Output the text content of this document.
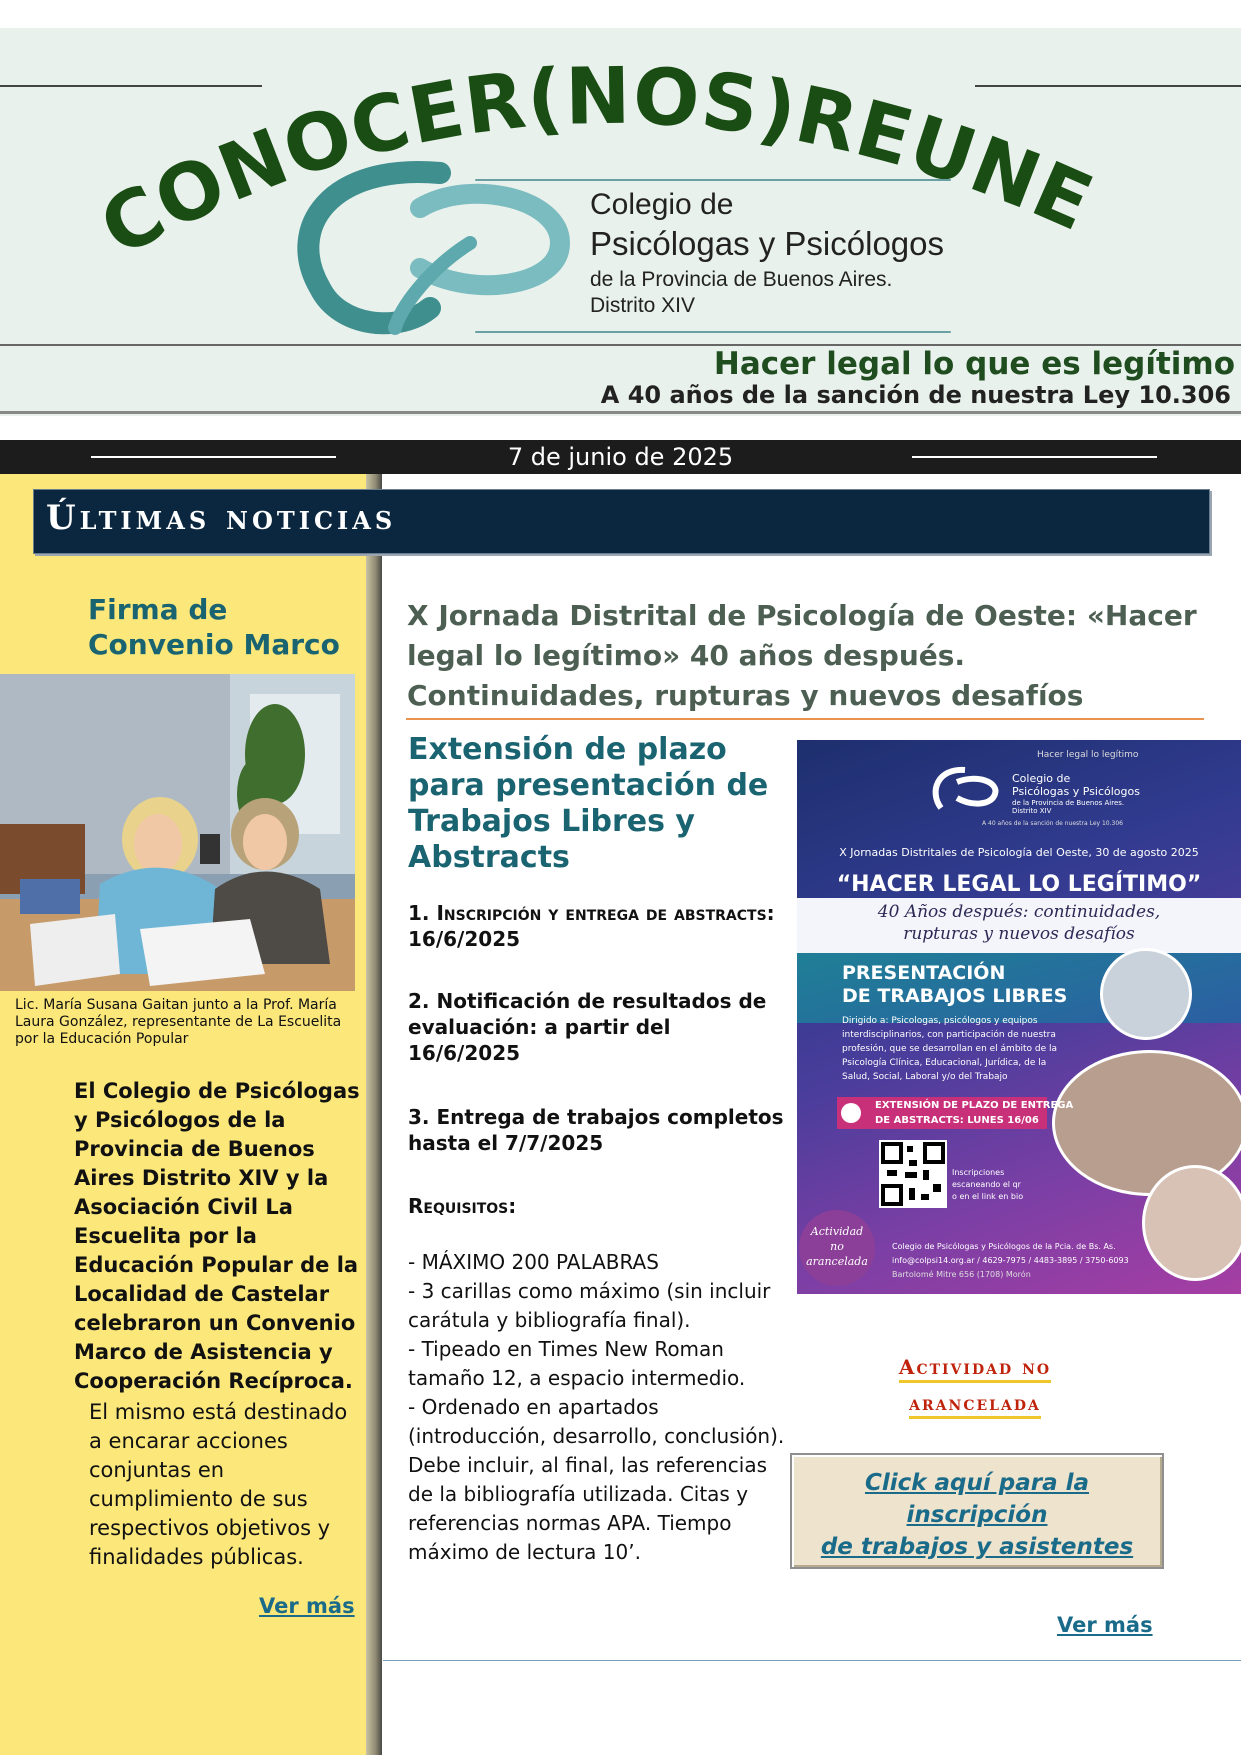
CONOCER(NOS)REUNE
Colegio de
Psicólogas y Psicólogos
de la Provincia de Buenos Aires.
Distrito XIV
Hacer legal lo que es legítimo
A 40 años de la sanción de nuestra Ley 10.306
7 de junio de 2025
Últimas noticias
Firma de Convenio Marco
Lic. María Susana Gaitan junto a la Prof. María Laura González, representante de La Escuelita por la Educación Popular
El Colegio de Psicólogas y Psicólogos de la Provincia de Buenos Aires Distrito XIV y la Asociación Civil La Escuelita por la Educación Popular de la Localidad de Castelar celebraron un Convenio Marco de Asistencia y Cooperación Recíproca.
El mismo está destinado a encarar acciones conjuntas en cumplimiento de sus respectivos objetivos y finalidades públicas.
Ver más
X Jornada Distrital de Psicología de Oeste: «Hacer legal lo legítimo» 40 años después. Continuidades, rupturas y nuevos desafíos
Extensión de plazo para presentación de Trabajos Libres y Abstracts
1. Inscripción y entrega de abstracts: 16/6/2025
2. Notificación de resultados de evaluación: a partir del 16/6/2025
3. Entrega de trabajos completos hasta el 7/7/2025
Requisitos:
- MÁXIMO 200 PALABRAS
- 3 carillas como máximo (sin incluir carátula y bibliografía final).
- Tipeado en Times New Roman tamaño 12, a espacio intermedio.
- Ordenado en apartados (introducción, desarrollo, conclusión). Debe incluir, al final, las referencias de la bibliografía utilizada. Citas y referencias normas APA. Tiempo máximo de lectura 10’.
Hacer legal lo legítimo
Colegio de
Psicólogas y Psicólogos
de la Provincia de Buenos Aires.
Distrito XIV
A 40 años de la sanción de nuestra Ley 10.306
X Jornadas Distritales de Psicología del Oeste, 30 de agosto 2025
“HACER LEGAL LO LEGÍTIMO”
40 Años después: continuidades,
rupturas y nuevos desafíos
PRESENTACIÓN
DE TRABAJOS LIBRES
Dirigido a: Psicologas, psicólogos y equipos
interdisciplinarios, con participación de nuestra
profesión, que se desarrollan en el ámbito de la
Psicología Clínica, Educacional, Jurídica, de la
Salud, Social, Laboral y/o del Trabajo
EXTENSIÓN DE PLAZO DE ENTREGA
DE ABSTRACTS: LUNES 16/06
Inscripciones
escaneando el qr
o en el link en bio
Actividad
no
arancelada
Colegio de Psicólogas y Psicólogos de la Pcia. de Bs. As.
info@colpsi14.org.ar / 4629-7975 / 4483-3895 / 3750-6093
Bartolomé Mitre 656 (1708) Morón
Actividad no
arancelada
Click aquí para la inscripción
de trabajos y asistentes
Ver más
